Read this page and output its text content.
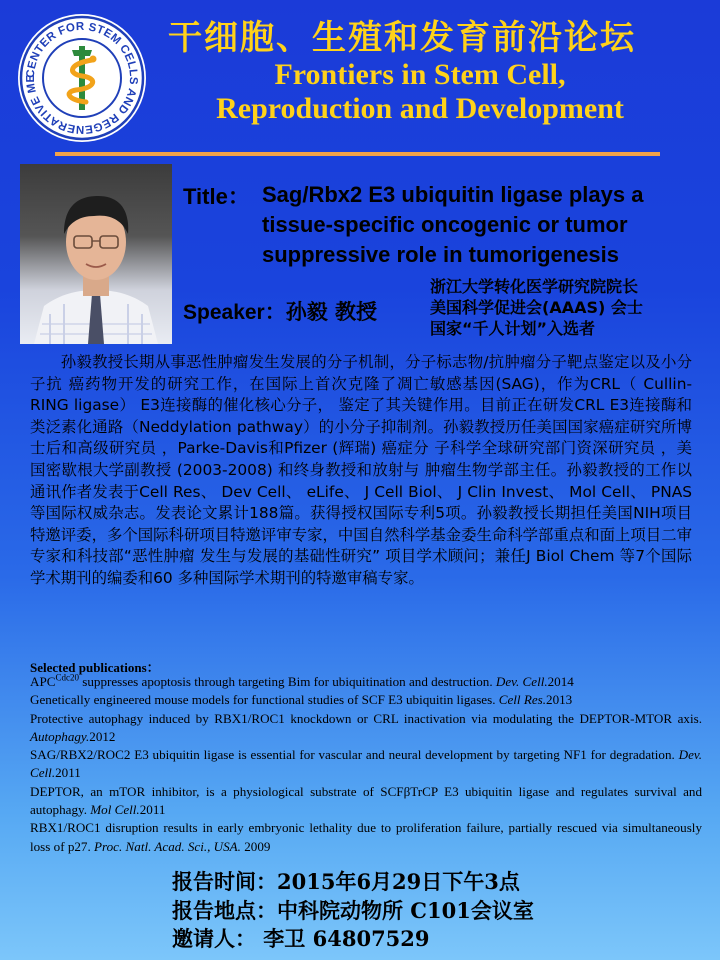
CENTER FOR STEM CELLS AND REGENERATIVE ME
干细胞、生殖和发育前沿论坛
Frontiers in Stem Cell,
Reproduction and Development
Title： Sag/Rbx2 E3 ubiquitin ligase plays a
tissue-specific oncogenic or tumor
suppressive role in tumorigenesis
Speaker：孙毅 教授
浙江大学转化医学研究院院长
美国科学促进会(AAAS) 会士
国家“千人计划”入选者

孙毅教授长期从事恶性肿瘤发生发展的分子机制，分子标志物/抗肿瘤分子靶点鉴定以及小分子抗 癌药物开发的研究工作，在国际上首次克隆了凋亡敏感基因(SAG)，作为CRL（ Cullin-RING ligase） E3连接酶的催化核心分子， 鉴定了其关键作用。目前正在研发CRL E3连接酶和类泛素化通路（Neddylation pathway）的小分子抑制剂。孙毅教授历任美国国家癌症研究所博士后和高级研究员 ，Parke-Davis和Pfizer (辉瑞) 癌症分 子科学全球研究部门资深研究员 ，美国密歇根大学副教授 (2003-2008) 和终身教授和放射与 肿瘤生物学部主任。孙毅教授的工作以通讯作者发表于Cell Res、 Dev Cell、 eLife、 J Cell Biol、 J Clin Invest、 Mol Cell、 PNAS 等国际权威杂志。发表论文累计188篇。获得授权国际专利5项。孙毅教授长期担任美国NIH项目特邀评委，多个国际科研项目特邀评审专家，中国自然科学基金委生命科学部重点和面上项目二审专家和科技部“恶性肿瘤 发生与发展的基础性研究” 项目学术顾问；兼任J Biol Chem 等7个国际学术期刊的编委和60 多种国际学术期刊的特邀审稿专家。

Selected publications：

$APC^{Cdc20}$ suppresses apoptosis through targeting Bim for ubiquitination and destruction. Dev. Cell.2014

Genetically engineered mouse models for functional studies of SCF E3 ubiquitin ligases. Cell Res.2013

Protective autophagy induced by RBX1/ROC1 knockdown or CRL inactivation via modulating the DEPTOR-MTOR axis. Autophagy.2012

SAG/RBX2/ROC2 E3 ubiquitin ligase is essential for vascular and neural development by targeting NF1 for degradation. Dev. Cell.2011

DEPTOR, an mTOR inhibitor, is a physiological substrate of SCFβTrCP E3 ubiquitin ligase and regulates survival and autophagy. Mol Cell.2011

RBX1/ROC1 disruption results in early embryonic lethality due to proliferation failure, partially rescued via simultaneously loss of p27. Proc. Natl. Acad. Sci., USA. 2009

报告时间：2015年6月29日下午3点
报告地点：中科院动物所 C101会议室
邀请人： 李卫 64807529
